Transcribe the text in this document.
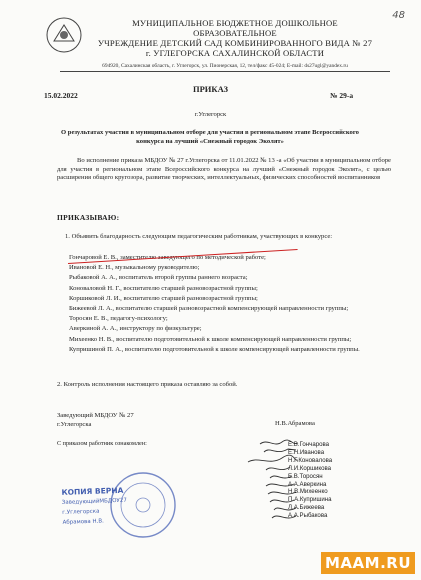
48
МУНИЦИПАЛЬНОЕ БЮДЖЕТНОЕ ДОШКОЛЬНОЕ ОБРАЗОВАТЕЛЬНОЕ
УЧРЕЖДЕНИЕ ДЕТСКИЙ САД КОМБИНИРОВАННОГО ВИДА № 27
г. УГЛЕГОРСКА САХАЛИНСКОЙ ОБЛАСТИ
694920, Сахалинская область, г. Углегорск, ул. Пионерская, 12, тел/факс 45-024; E-mail: ds27ugl@yandex.ru
ПРИКАЗ
15.02.2022	№ 29-а
г.Углегорск
О результатах участия в муниципальном отборе для участия в региональном этапе Всероссийского конкурса на лучший «Снежный городок Эколят»
Во исполнение приказа МБДОУ № 27 г.Углегорска от 11.01.2022 № 13 -а «Об участии в муниципальном отборе для участия в региональном этапе Всероссийского конкурса на лучший «Снежный городок Эколят», с целью расширения общего кругозора, развитие творческих, интеллектуальных, физических способностей воспитанников
ПРИКАЗЫВАЮ:
1. Объявить благодарность следующим педагогическим работникам, участвующих в конкурсе:

Гончаровой Е. В., заместителю заведующего по методической работе;

Ивановой Е. Н., музыкальному руководителю;

Рыбаковой А. А., воспитатель второй группы раннего возраста;

Коноваловой Н. Г., воспитателю старшей разновозрастной группы;

Коршиковой Л. И., воспитателю старшей разновозрастной группы;

Бижеевой Л. А., воспитателю старшей разновозрастной компенсирующей направленности группы;

Торосян Е. В., педагогу-психологу;

Аверкиной А. А., инструктору по физкультуре;

Михеенко Н. В., воспитателю подготовительной к школе компенсирующей направленности группы;

Купришиной П. А., воспитателю подготовительной к школе компенсирующей направленности группы.

2. Контроль исполнения настоящего приказа оставляю за собой.
Заведующий МБДОУ № 27
г.Углегорска	Н.В.Абрамова
С приказом работник ознакомлен:	Е.В.Гончарова
Е.Н.Иванова
Н.Г.Коновалова
Л.И.Коршикова
Е.В.Торосян
А.А.Аверкина
Н.В.Михеенко
П.А.Купришина
Л.А.Бижеева
А.А.Рыбакова
КОПИЯ ВЕРНА
ЗаведующийМБДОУ27
г.Углегорска
Абрамова Н.В.
MAAM.RU
